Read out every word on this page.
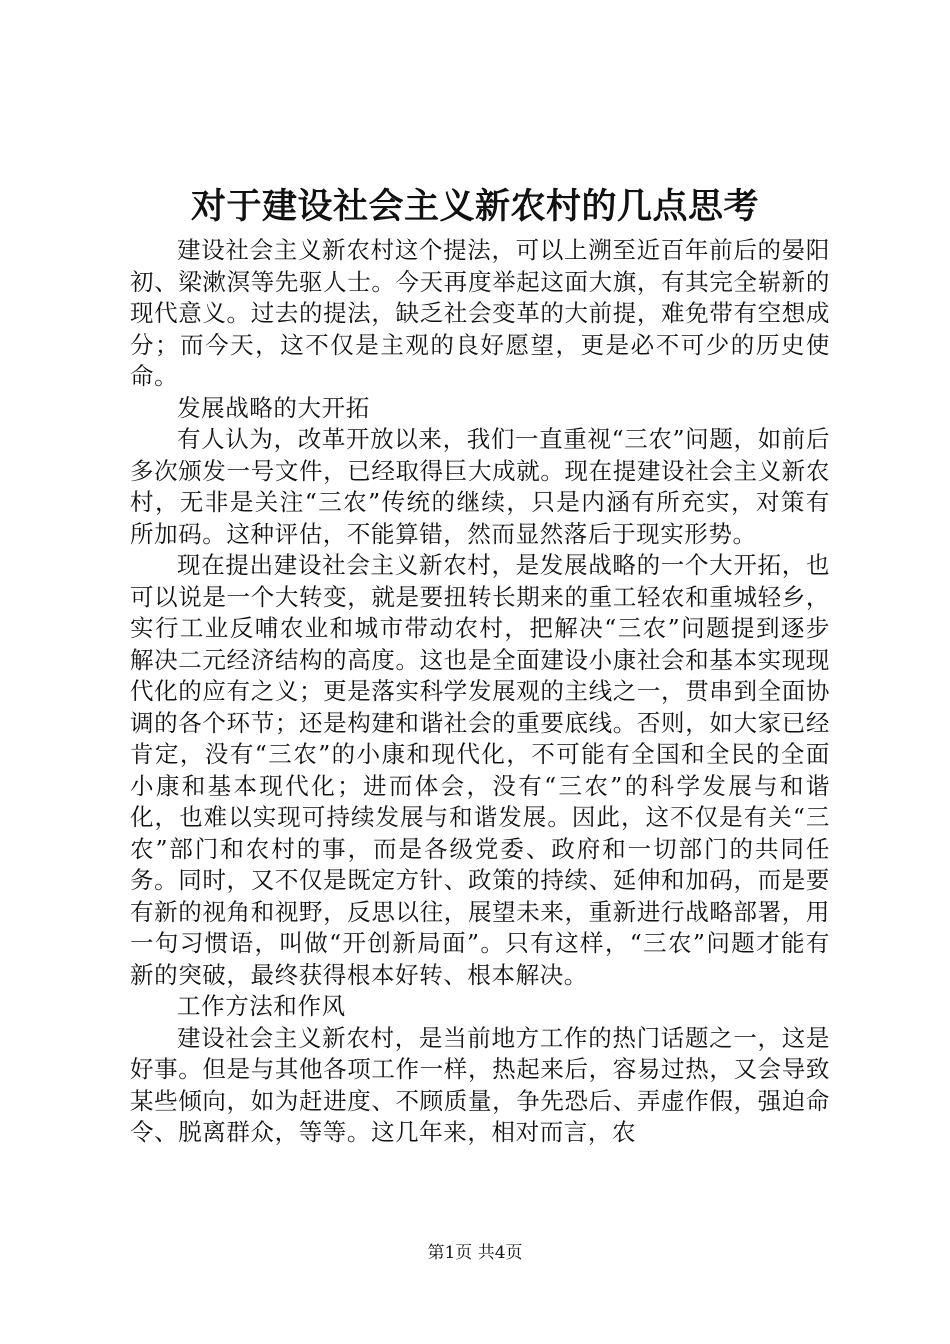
对于建设社会主义新农村的几点思考

建设社会主义新农村这个提法，可以上溯至近百年前后的晏阳初、梁漱溟等先驱人士。今天再度举起这面大旗，有其完全崭新的现代意义。过去的提法，缺乏社会变革的大前提，难免带有空想成分；而今天，这不仅是主观的良好愿望，更是必不可少的历史使命。

发展战略的大开拓

有人认为，改革开放以来，我们一直重视“三农”问题，如前后多次颁发一号文件，已经取得巨大成就。现在提建设社会主义新农村，无非是关注“三农”传统的继续，只是内涵有所充实，对策有所加码。这种评估，不能算错，然而显然落后于现实形势。

现在提出建设社会主义新农村，是发展战略的一个大开拓，也可以说是一个大转变，就是要扭转长期来的重工轻农和重城轻乡，实行工业反哺农业和城市带动农村，把解决“三农”问题提到逐步解决二元经济结构的高度。这也是全面建设小康社会和基本实现现代化的应有之义；更是落实科学发展观的主线之一，贯串到全面协调的各个环节；还是构建和谐社会的重要底线。否则，如大家已经肯定，没有“三农”的小康和现代化，不可能有全国和全民的全面小康和基本现代化；进而体会，没有“三农”的科学发展与和谐化，也难以实现可持续发展与和谐发展。因此，这不仅是有关“三农”部门和农村的事，而是各级党委、政府和一切部门的共同任务。同时，又不仅是既定方针、政策的持续、延伸和加码，而是要有新的视角和视野，反思以往，展望未来，重新进行战略部署，用一句习惯语，叫做“开创新局面”。只有这样，“三农”问题才能有新的突破，最终获得根本好转、根本解决。

工作方法和作风

建设社会主义新农村，是当前地方工作的热门话题之一，这是好事。但是与其他各项工作一样，热起来后，容易过热，又会导致某些倾向，如为赶进度、不顾质量，争先恐后、弄虚作假，强迫命令、脱离群众，等等。这几年来，相对而言，农

第1页 共4页
